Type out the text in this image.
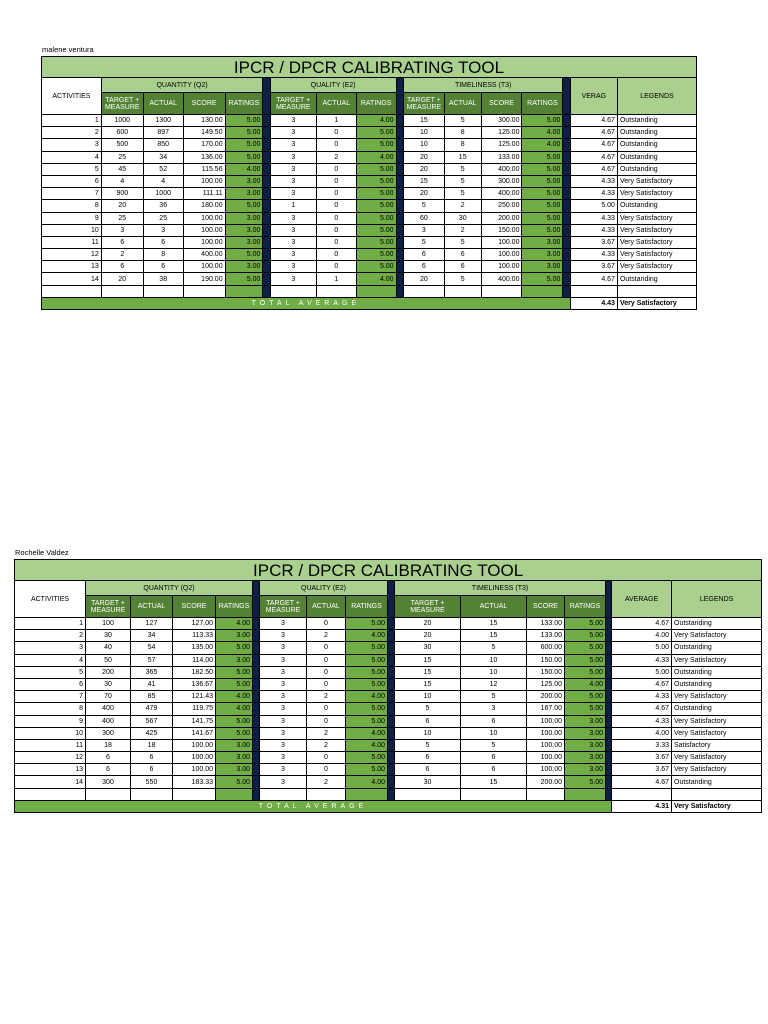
malene ventura
IPCR / DPCR CALIBRATING TOOL																
ACTIVITIES	QUANTITY (Q2)					QUALITY (E2)				TIMELINESS (T3)					VERAG	LEGENDS
	TARGET + MEASURE	ACTUAL	SCORE	RATINGS		TARGET + MEASURE	ACTUAL	RATINGS		TARGET + MEASURE	ACTUAL	SCORE	RATINGS			
1	1000	1300	130.00	5.00		3	1	4.00		15	5	300.00	5.00		4.67	Outstanding
2	600	897	149.50	5.00		3	0	5.00		10	8	125.00	4.00		4.67	Outstanding
3	500	850	170.00	5.00		3	0	5.00		10	8	125.00	4.00		4.67	Outstanding
4	25	34	136.00	5.00		3	2	4.00		20	15	133.00	5.00		4.67	Outstanding
5	45	52	115.56	4.00		3	0	5.00		20	5	400.00	5.00		4.67	Outstanding
6	4	4	100.00	3.00		3	0	5.00		15	5	300.00	5.00		4.33	Very Satisfactory
7	900	1000	111.11	3.00		3	0	5.00		20	5	400.00	5.00		4.33	Very Satisfactory
8	20	36	180.00	5.00		1	0	5.00		5	2	250.00	5.00		5.00	Outstanding
9	25	25	100.00	3.00		3	0	5.00		60	30	200.00	5.00		4.33	Very Satisfactory
10	3	3	100.00	3.00		3	0	5.00		3	2	150.00	5.00		4.33	Very Satisfactory
11	6	6	100.00	3.00		3	0	5.00		5	5	100.00	3.00		3.67	Very Satisfactory
12	2	8	400.00	5.00		3	0	5.00		6	6	100.00	3.00		4.33	Very Satisfactory
13	6	6	100.00	3.00		3	0	5.00		6	6	100.00	3.00		3.67	Very Satisfactory
14	20	38	190.00	5.00		3	1	4.00		20	5	400.00	5.00		4.67	Outstanding

TOTAL AVERAGE															4.43	Very Satisfactory
Rochelle Valdez
IPCR / DPCR CALIBRATING TOOL																
ACTIVITIES	QUANTITY (Q2)					QUALITY (E2)				TIMELINESS (T3)					AVERAGE	LEGENDS
	TARGET + MEASURE	ACTUAL	SCORE	RATINGS		TARGET + MEASURE	ACTUAL	RATINGS		TARGET + MEASURE	ACTUAL	SCORE	RATINGS			
1	100	127	127.00	4.00		3	0	5.00		20	15	133.00	5.00		4.67	Outstanding
2	30	34	113.33	3.00		3	2	4.00		20	15	133.00	5.00		4.00	Very Satisfactory
3	40	54	135.00	5.00		3	0	5.00		30	5	600.00	5.00		5.00	Outstanding
4	50	57	114.00	3.00		3	0	5.00		15	10	150.00	5.00		4.33	Very Satisfactory
5	200	365	182.50	5.00		3	0	5.00		15	10	150.00	5.00		5.00	Outstanding
6	30	41	136.67	5.00		3	0	5.00		15	12	125.00	4.00		4.67	Outstanding
7	70	85	121.43	4.00		3	2	4.00		10	5	200.00	5.00		4.33	Very Satisfactory
8	400	479	119.75	4.00		3	0	5.00		5	3	167.00	5.00		4.67	Outstanding
9	400	567	141.75	5.00		3	0	5.00		6	6	100.00	3.00		4.33	Very Satisfactory
10	300	425	141.67	5.00		3	2	4.00		10	10	100.00	3.00		4.00	Very Satisfactory
11	18	18	100.00	3.00		3	2	4.00		5	5	100.00	3.00		3.33	Satisfactory
12	6	6	100.00	3.00		3	0	5.00		6	6	100.00	3.00		3.67	Very Satisfactory
13	6	6	100.00	3.00		3	0	5.00		6	6	100.00	3.00		3.67	Very Satisfactory
14	300	550	183.33	5.00		3	2	4.00		30	15	200.00	5.00		4.67	Outstanding

TOTAL AVERAGE															4.31	Very Satisfactory
